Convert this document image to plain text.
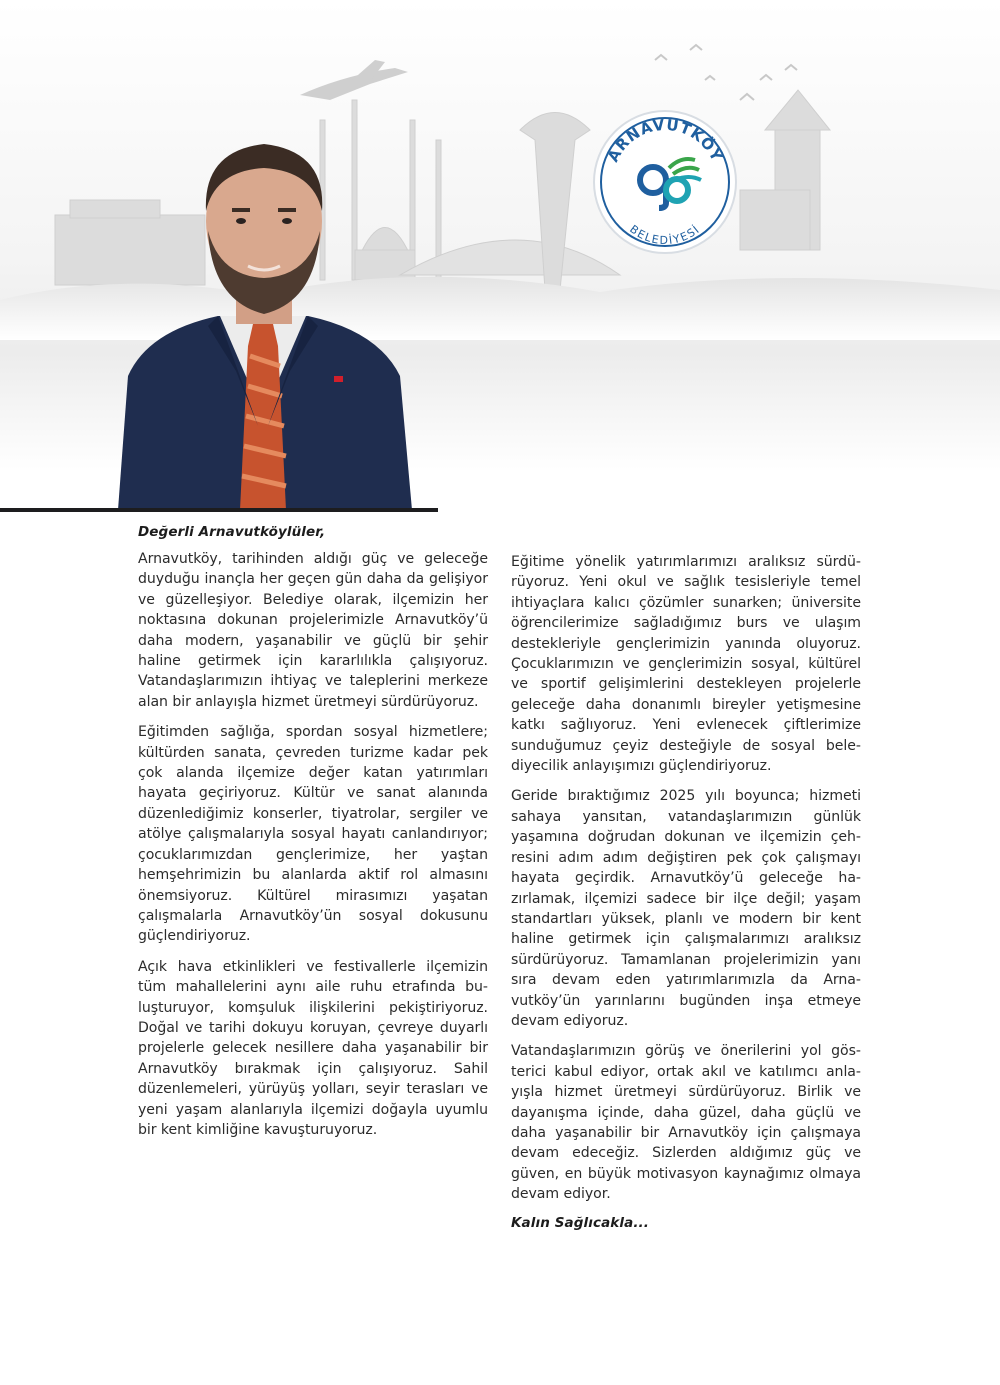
ARNAVUTKÖY
BELEDİYESİ

Değerli Arnavutköylüler,

Arnavutköy, tarihinden aldığı güç ve geleceğe duyduğu inançla her geçen gün daha da gelişiyor ve güzelleşiyor. Belediye olarak, ilçemizin her noktasına dokunan projelerimizle Arnavutköy’ü daha modern, yaşanabilir ve güçlü bir şehir haline getirmek için kararlılıkla çalışıyoruz. Vatandaşlarımızın ihtiyaç ve taleplerini merkeze alan bir anlayışla hizmet üretmeyi sürdürüyoruz.

Eğitimden sağlığa, spordan sosyal hizmetlere; kültürden sanata, çevreden turizme kadar pek çok alanda ilçemize değer katan yatırımları hayata geçiriyoruz. Kültür ve sanat alanında düzenlediğimiz konserler, tiyatrolar, sergiler ve atölye çalışmalarıyla sosyal hayatı canlandırıyor; çocuklarımızdan gençlerimize, her yaştan hemşehrimizin bu alanlarda aktif rol almasını önemsiyoruz. Kültürel mirasımızı yaşatan çalışmalarla Arnavutköy’ün sosyal dokusunu güçlendiriyoruz.

Açık hava etkinlikleri ve festivallerle ilçemizin tüm mahallelerini aynı aile ruhu etrafında buluşturuyor, komşuluk ilişkilerini pekiştiriyoruz. Doğal ve tarihi dokuyu koruyan, çevreye duyarlı projelerle gelecek nesillere daha yaşanabilir bir Arnavutköy bırakmak için çalışıyoruz. Sahil düzenlemeleri, yürüyüş yolları, seyir terasları ve yeni yaşam alanlarıyla ilçemizi doğayla uyumlu bir kent kimliğine kavuşturuyoruz.

Eğitime yönelik yatırımlarımızı aralıksız sürdürüyoruz. Yeni okul ve sağlık tesisleriyle temel ihtiyaçlara kalıcı çözümler sunarken; üniversite öğrencilerimize sağladığımız burs ve ulaşım destekleriyle gençlerimizin yanında oluyoruz. Çocuklarımızın ve gençlerimizin sosyal, kültürel ve sportif gelişimlerini destekleyen projelerle geleceğe daha donanımlı bireyler yetişmesine katkı sağlıyoruz. Yeni evlenecek çiftlerimize sunduğumuz çeyiz desteğiyle de sosyal belediyecilik anlayışımızı güçlendiriyoruz.

Geride bıraktığımız 2025 yılı boyunca; hizmeti sahaya yansıtan, vatandaşlarımızın günlük yaşamına doğrudan dokunan ve ilçemizin çehresini adım adım değiştiren pek çok çalışmayı hayata geçirdik. Arnavutköy’ü geleceğe hazırlamak, ilçemizi sadece bir ilçe değil; yaşam standartları yüksek, planlı ve modern bir kent haline getirmek için çalışmalarımızı aralıksız sürdürüyoruz. Tamamlanan projelerimizin yanı sıra devam eden yatırımlarımızla da Arnavutköy’ün yarınlarını bugünden inşa etmeye devam ediyoruz.

Vatandaşlarımızın görüş ve önerilerini yol gösterici kabul ediyor, ortak akıl ve katılımcı anlayışla hizmet üretmeyi sürdürüyoruz. Birlik ve dayanışma içinde, daha güzel, daha güçlü ve daha yaşanabilir bir Arnavutköy için çalışmaya devam edeceğiz. Sizlerden aldığımız güç ve güven, en büyük motivasyon kaynağımız olmaya devam ediyor.

Kalın Sağlıcakla...
